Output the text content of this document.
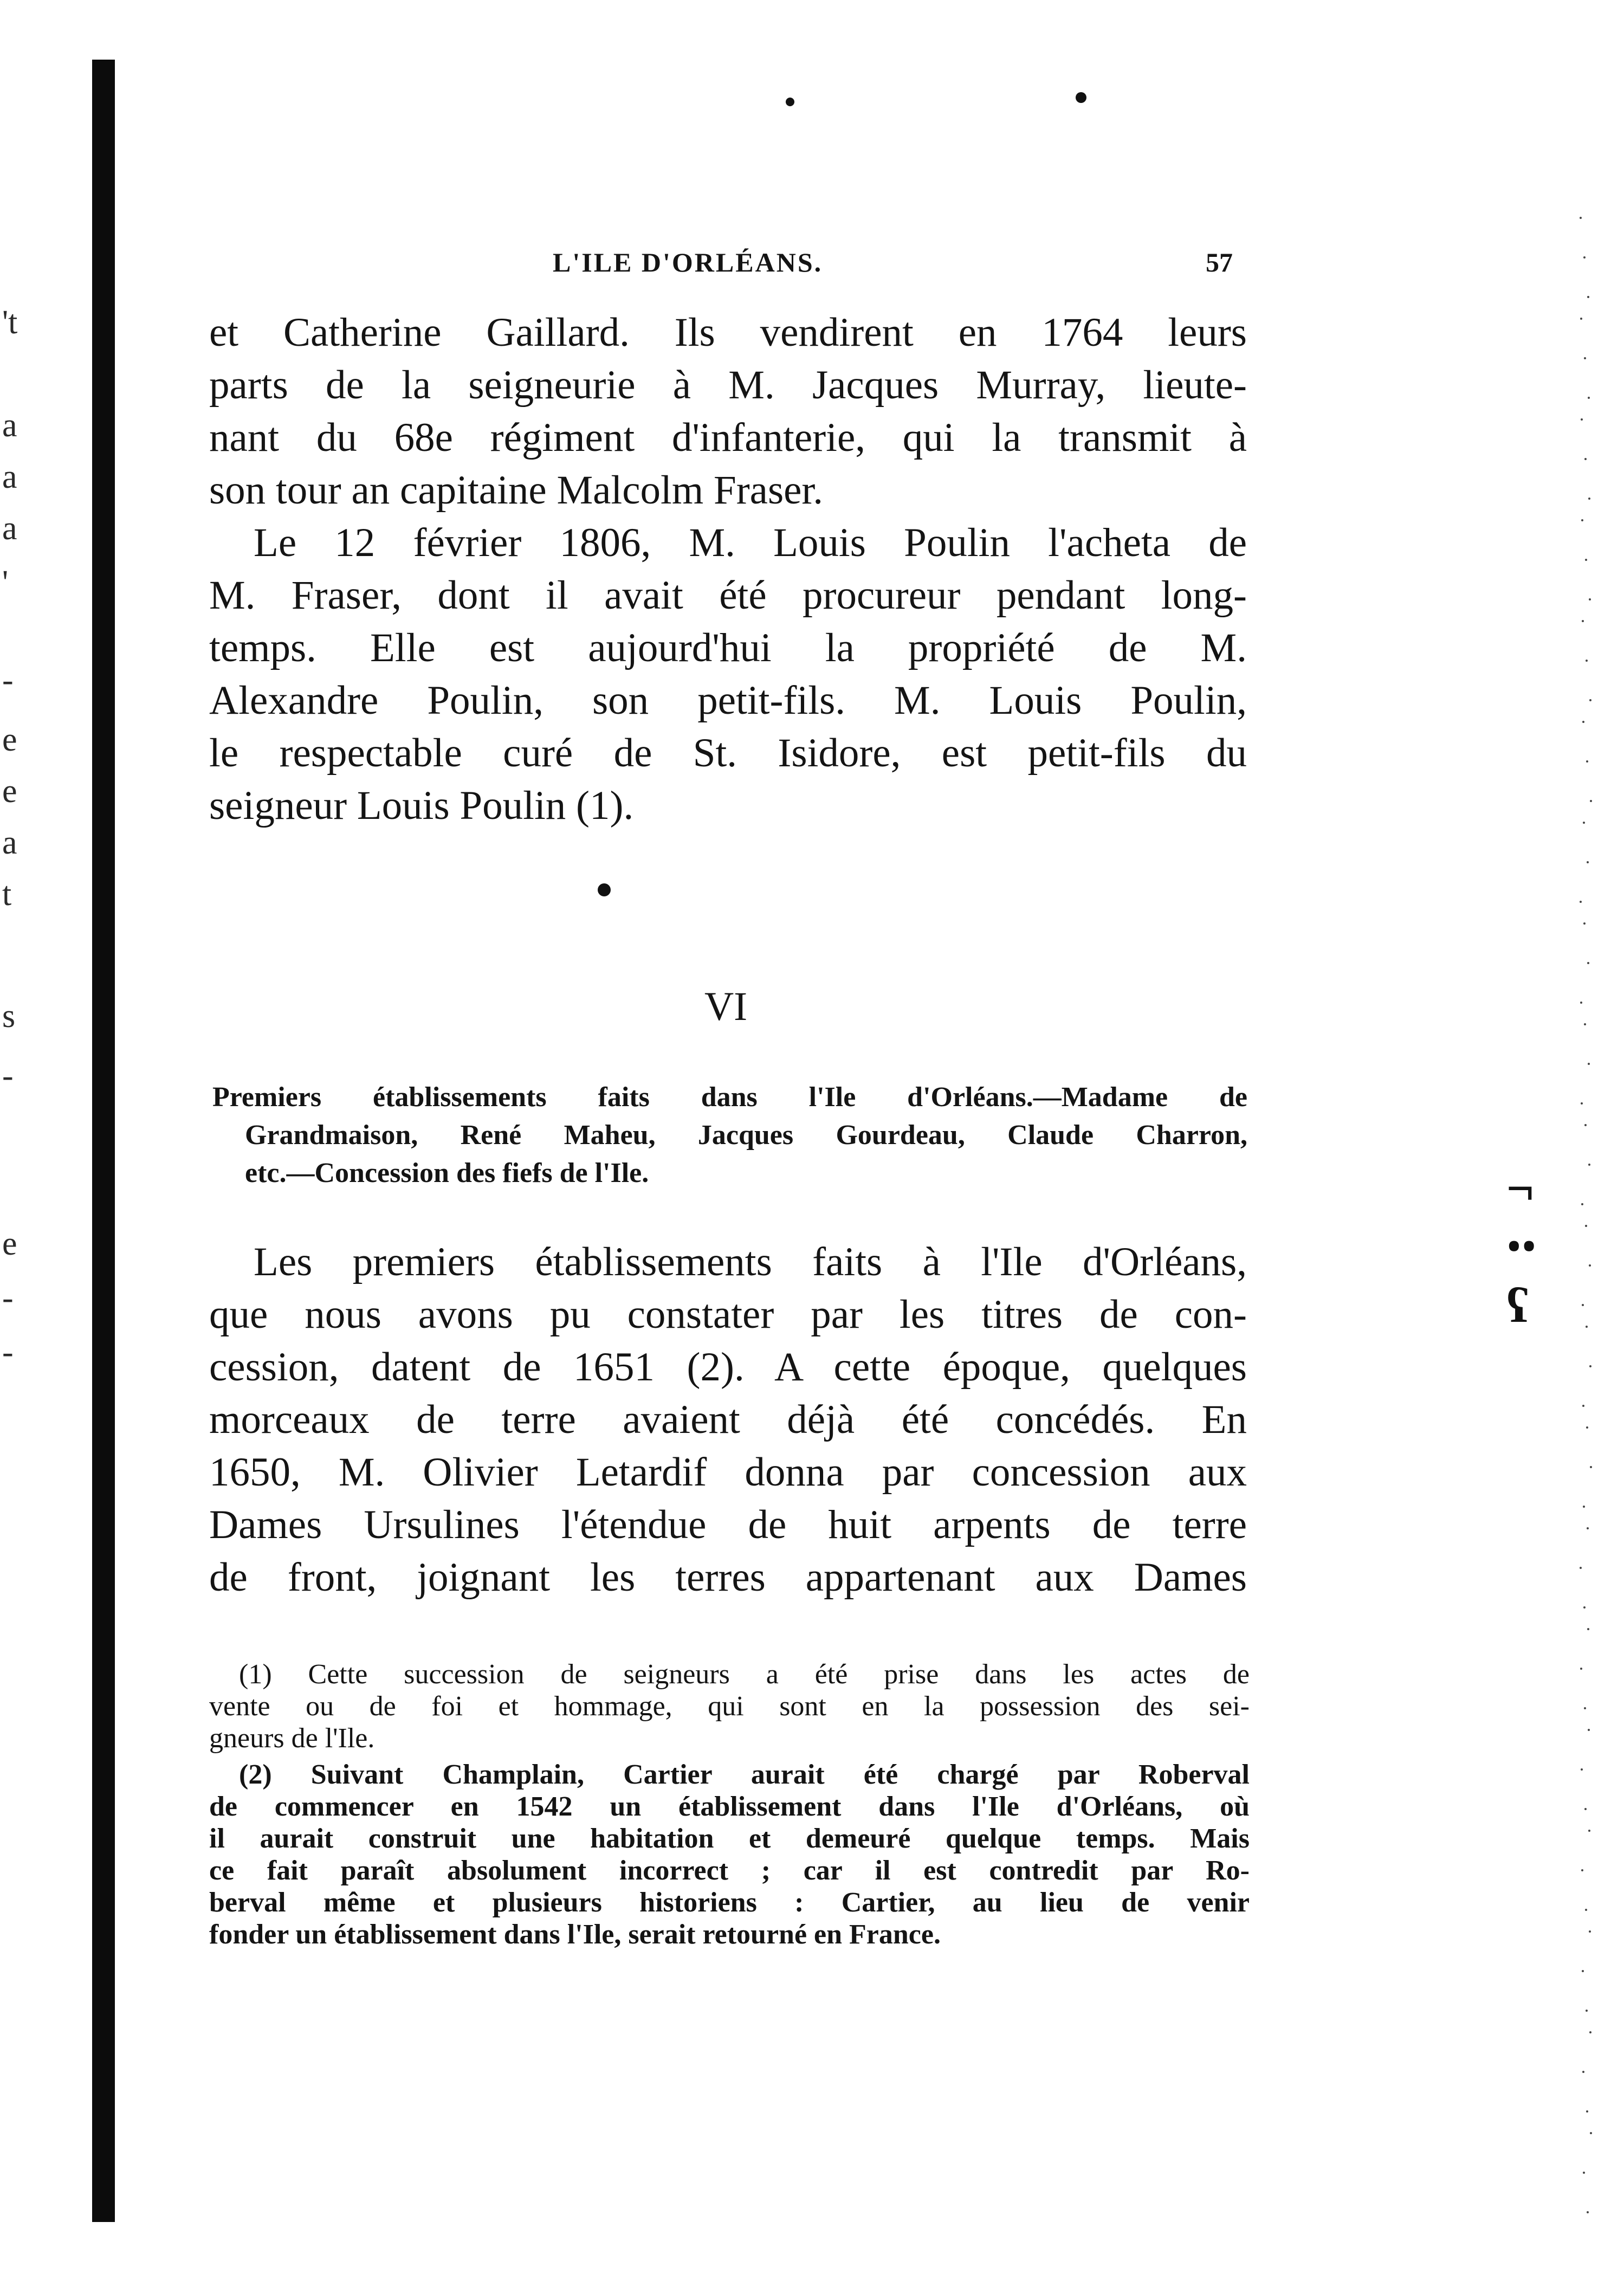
't
a
a
a
'
-
e
e
a
t
s
-
e
-
-
¬
ꞏꞏ
ʕ
L'ILE D'ORLÉANS.	57
et Catherine Gaillard. Ils vendirent en 1764 leurs
parts de la seigneurie à M. Jacques Murray, lieute-
nant du 68e régiment d'infanterie, qui la transmit à
son tour an capitaine Malcolm Fraser.
Le 12 février 1806, M. Louis Poulin l'acheta de
M. Fraser, dont il avait été procureur pendant long-
temps. Elle est aujourd'hui la propriété de M.
Alexandre Poulin, son petit-fils. M. Louis Poulin,
le respectable curé de St. Isidore, est petit-fils du
seigneur Louis Poulin (1).
VI
Premiers établissements faits dans l'Ile d'Orléans.—Madame de
Grandmaison, René Maheu, Jacques Gourdeau, Claude Charron,
etc.—Concession des fiefs de l'Ile.
Les premiers établissements faits à l'Ile d'Orléans,
que nous avons pu constater par les titres de con-
cession, datent de 1651 (2). A cette époque, quelques
morceaux de terre avaient déjà été concédés. En
1650, M. Olivier Letardif donna par concession aux
Dames Ursulines l'étendue de huit arpents de terre
de front, joignant les terres appartenant aux Dames
(1) Cette succession de seigneurs a été prise dans les actes de
vente ou de foi et hommage, qui sont en la possession des sei-
gneurs de l'Ile.
(2) Suivant Champlain, Cartier aurait été chargé par Roberval
de commencer en 1542 un établissement dans l'Ile d'Orléans, où
il aurait construit une habitation et demeuré quelque temps. Mais
ce fait paraît absolument incorrect ; car il est contredit par Ro-
berval même et plusieurs historiens : Cartier, au lieu de venir
fonder un établissement dans l'Ile, serait retourné en France.
